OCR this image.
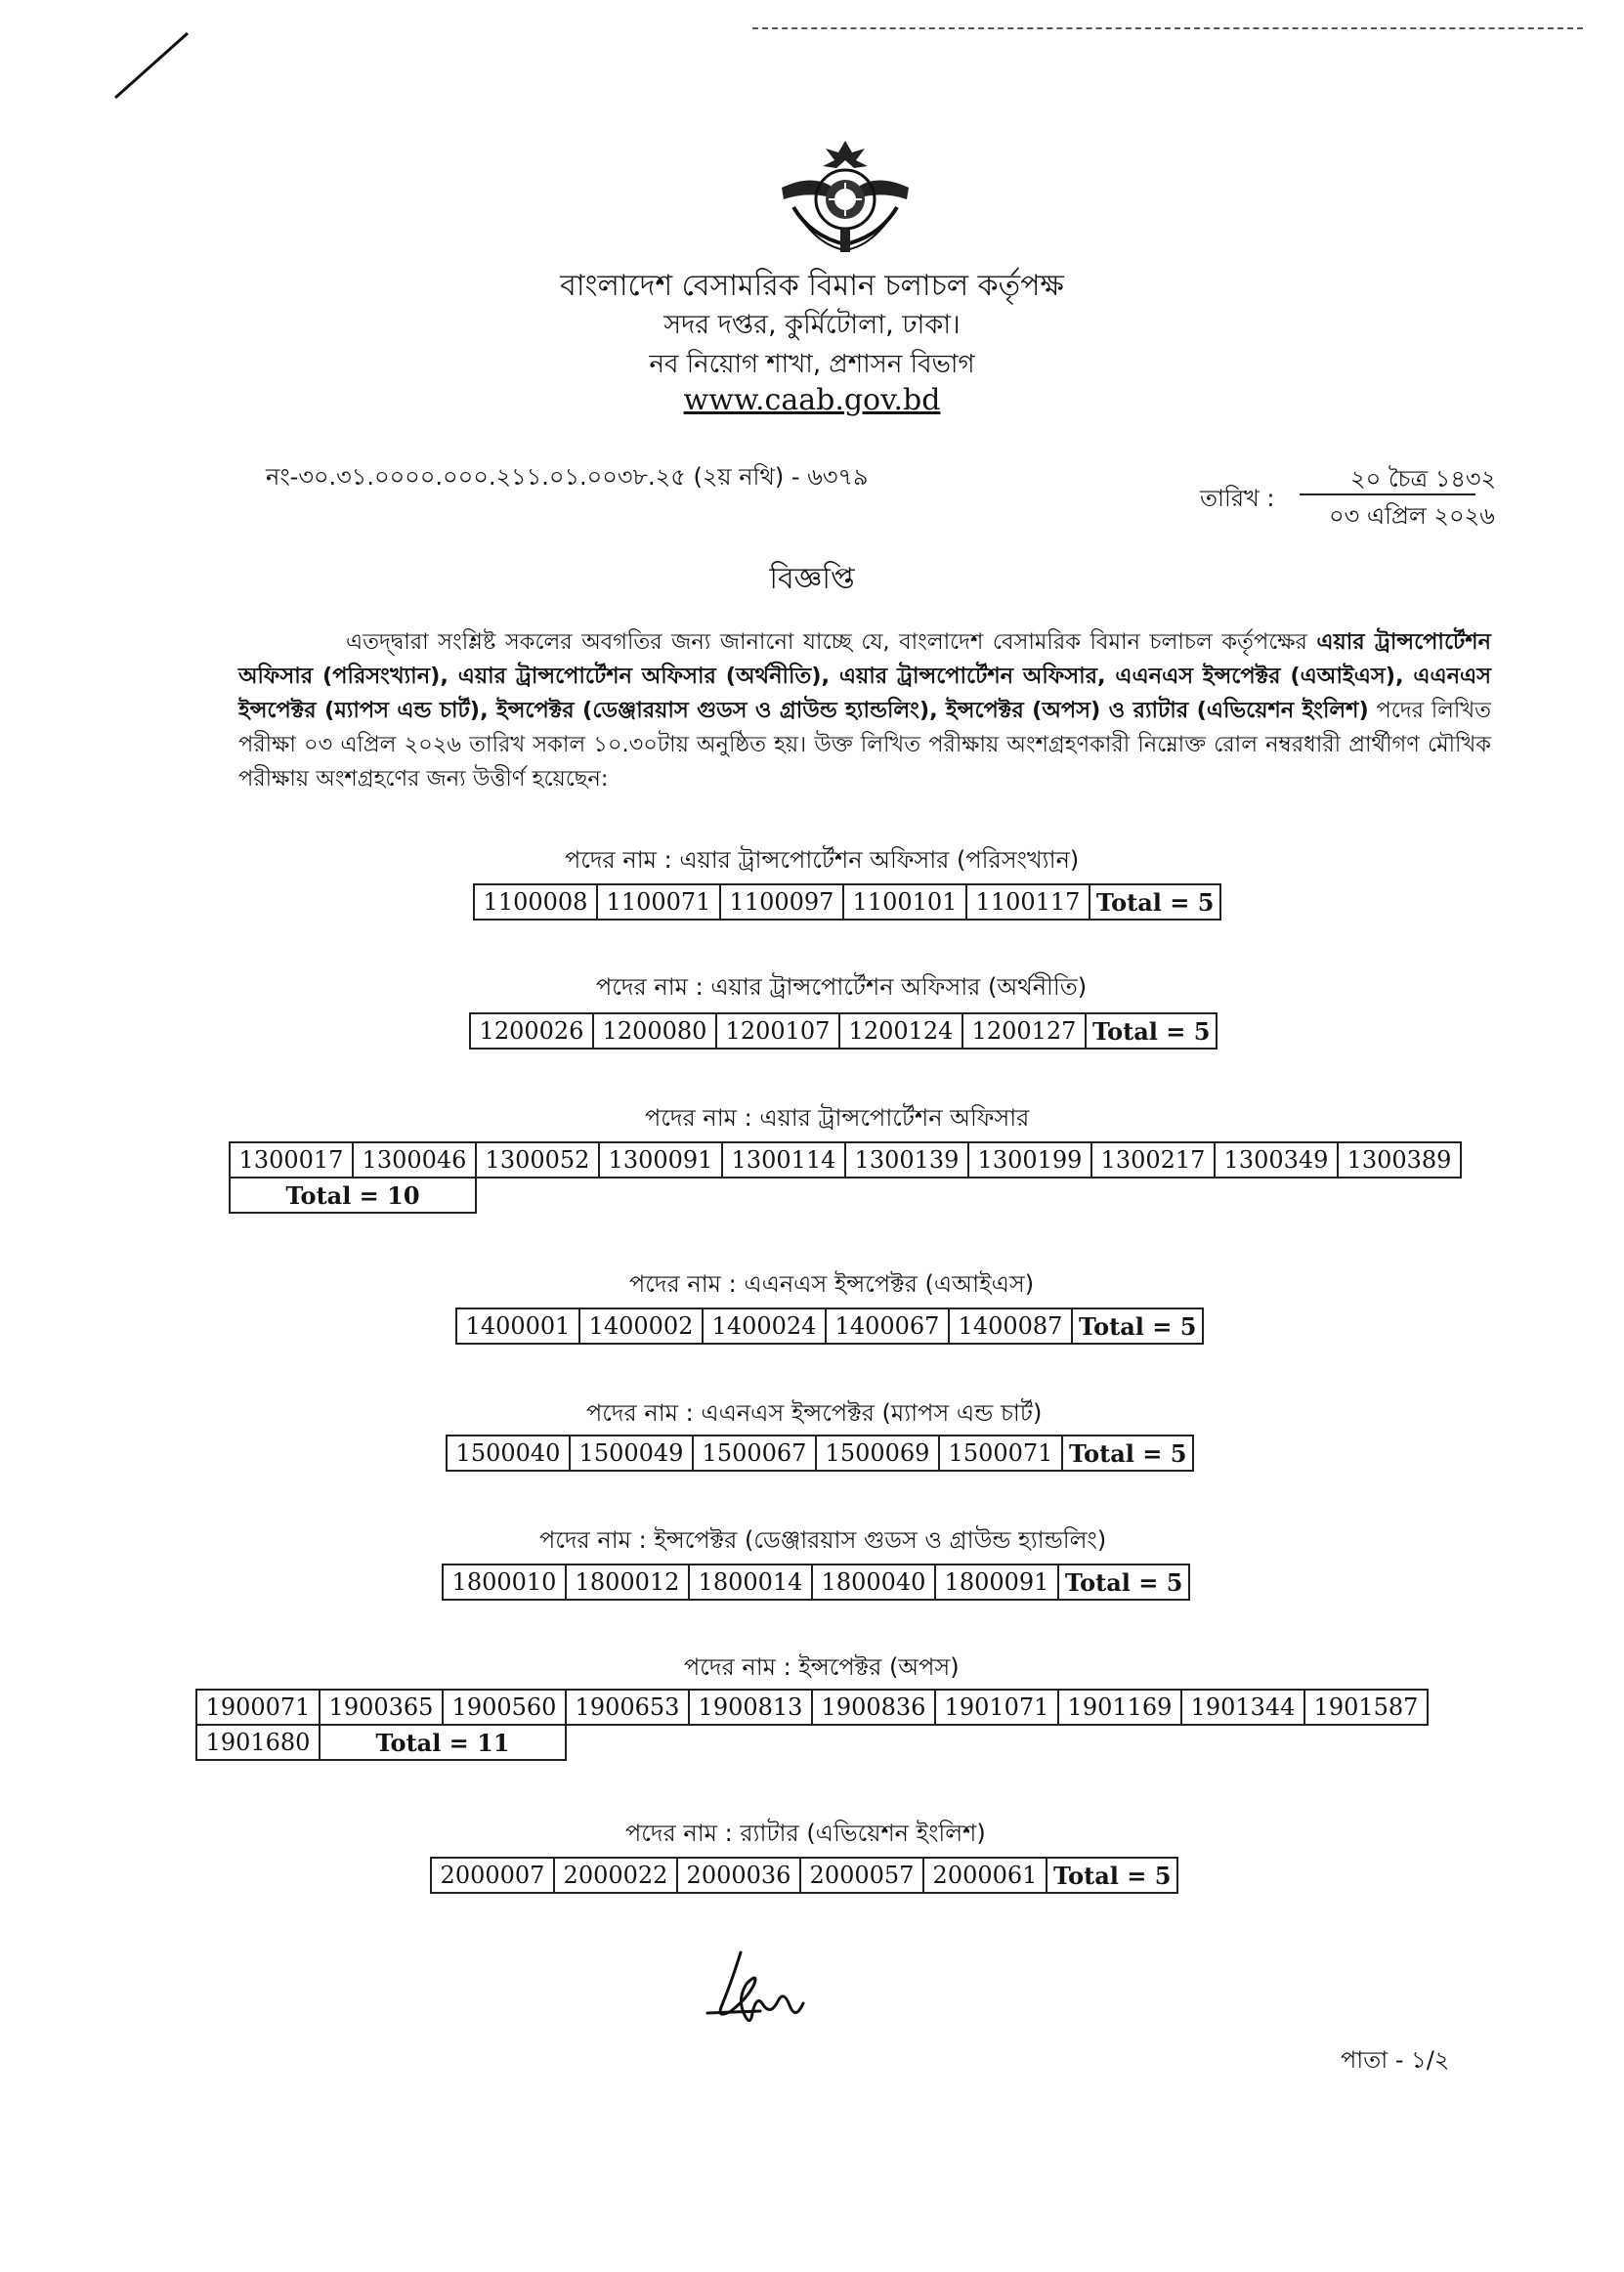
বাংলাদেশ বেসামরিক বিমান চলাচল কর্তৃপক্ষ
সদর দপ্তর, কুর্মিটোলা, ঢাকা।
নব নিয়োগ শাখা, প্রশাসন বিভাগ
www.caab.gov.bd
নং-৩০.৩১.০০০০.০০০.২১১.০১.০০৩৮.২৫ (২য় নথি) - ৬৩৭৯
তারিখ :
২০ চৈত্র ১৪৩২
০৩ এপ্রিল ২০২৬
বিজ্ঞপ্তি

এতদ্দ্বারা সংশ্লিষ্ট সকলের অবগতির জন্য জানানো যাচ্ছে যে, বাংলাদেশ বেসামরিক বিমান চলাচল কর্তৃপক্ষের এয়ার ট্রান্সপোর্টেশন অফিসার (পরিসংখ্যান), এয়ার ট্রান্সপোর্টেশন অফিসার (অর্থনীতি), এয়ার ট্রান্সপোর্টেশন অফিসার, এএনএস ইন্সপেক্টর (এআইএস), এএনএস ইন্সপেক্টর (ম্যাপস এন্ড চার্ট), ইন্সপেক্টর (ডেঞ্জারয়াস গুডস ও গ্রাউন্ড হ্যান্ডলিং), ইন্সপেক্টর (অপস) ও র‍্যাটার (এভিয়েশন ইংলিশ) পদের লিখিত পরীক্ষা ০৩ এপ্রিল ২০২৬ তারিখ সকাল ১০.৩০টায় অনুষ্ঠিত হয়। উক্ত লিখিত পরীক্ষায় অংশগ্রহণকারী নিম্নোক্ত রোল নম্বরধারী প্রার্থীগণ মৌখিক পরীক্ষায় অংশগ্রহণের জন্য উত্তীর্ণ হয়েছেন:

পদের নাম : এয়ার ট্রান্সপোর্টেশন অফিসার (পরিসংখ্যান)
1100008	1100071	1100097	1100101	1100117	Total = 5
পদের নাম : এয়ার ট্রান্সপোর্টেশন অফিসার (অর্থনীতি)
1200026	1200080	1200107	1200124	1200127	Total = 5
পদের নাম : এয়ার ট্রান্সপোর্টেশন অফিসার
1300017	1300046	1300052	1300091	1300114	1300139	1300199	1300217	1300349	1300389
Total = 10									
পদের নাম : এএনএস ইন্সপেক্টর (এআইএস)
1400001	1400002	1400024	1400067	1400087	Total = 5
পদের নাম : এএনএস ইন্সপেক্টর (ম্যাপস এন্ড চার্ট)
1500040	1500049	1500067	1500069	1500071	Total = 5
পদের নাম : ইন্সপেক্টর (ডেঞ্জারয়াস গুডস ও গ্রাউন্ড হ্যান্ডলিং)
1800010	1800012	1800014	1800040	1800091	Total = 5
পদের নাম : ইন্সপেক্টর (অপস)
1900071	1900365	1900560	1900653	1900813	1900836	1901071	1901169	1901344	1901587
1901680	Total = 11								
পদের নাম : র‍্যাটার (এভিয়েশন ইংলিশ)
2000007	2000022	2000036	2000057	2000061	Total = 5
পাতা - ১/২
